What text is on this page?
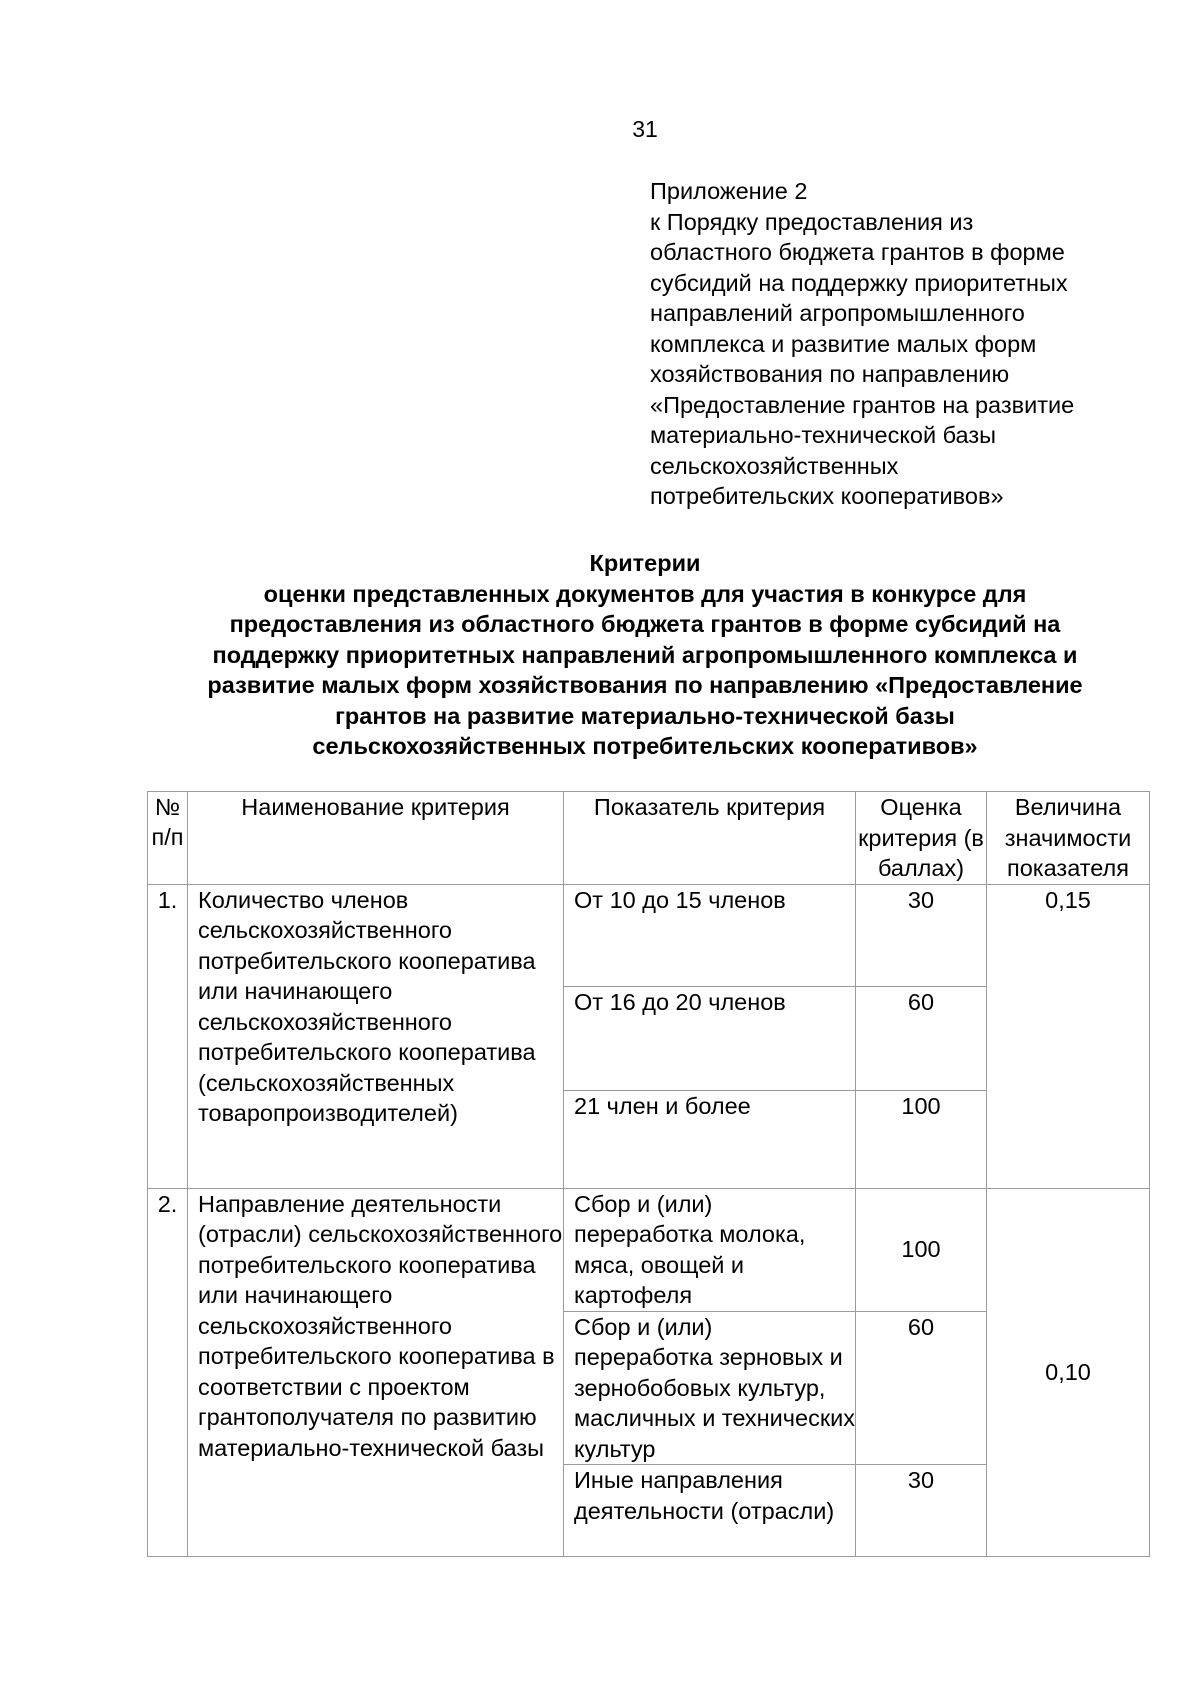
31
Приложение 2
к Порядку предоставления из
областного бюджета грантов в форме
субсидий на поддержку приоритетных
направлений агропромышленного
комплекса и развитие малых форм
хозяйствования по направлению
«Предоставление грантов на развитие
материально-технической базы
сельскохозяйственных
потребительских кооперативов»
Критерии
оценки представленных документов для участия в конкурсе для
предоставления из областного бюджета грантов в форме субсидий на
поддержку приоритетных направлений агропромышленного комплекса и
развитие малых форм хозяйствования по направлению «Предоставление
грантов на развитие материально-технической базы
сельскохозяйственных потребительских кооперативов»
№ п/п	Наименование критерия	Показатель критерия	Оценка критерия (в баллах)	Величина значимости показателя
1.	Количество членов сельскохозяйственного потребительского кооператива или начинающего сельскохозяйственного потребительского кооператива (сельскохозяйственных товаропроизводителей)	От 10 до 15 членов	30	0,15
		От 16 до 20 членов	60	
		21 член и более	100	
2.	Направление деятельности (отрасли) сельскохозяйственного потребительского кооператива или начинающего сельскохозяйственного потребительского кооператива в соответствии с проектом грантополучателя по развитию материально-технической базы	Сбор и (или) переработка молока, мяса, овощей и картофеля	100	0,10
		Сбор и (или) переработка зерновых и зернобобовых культур, масличных и технических культур	60	
		Иные направления деятельности (отрасли)	30	
